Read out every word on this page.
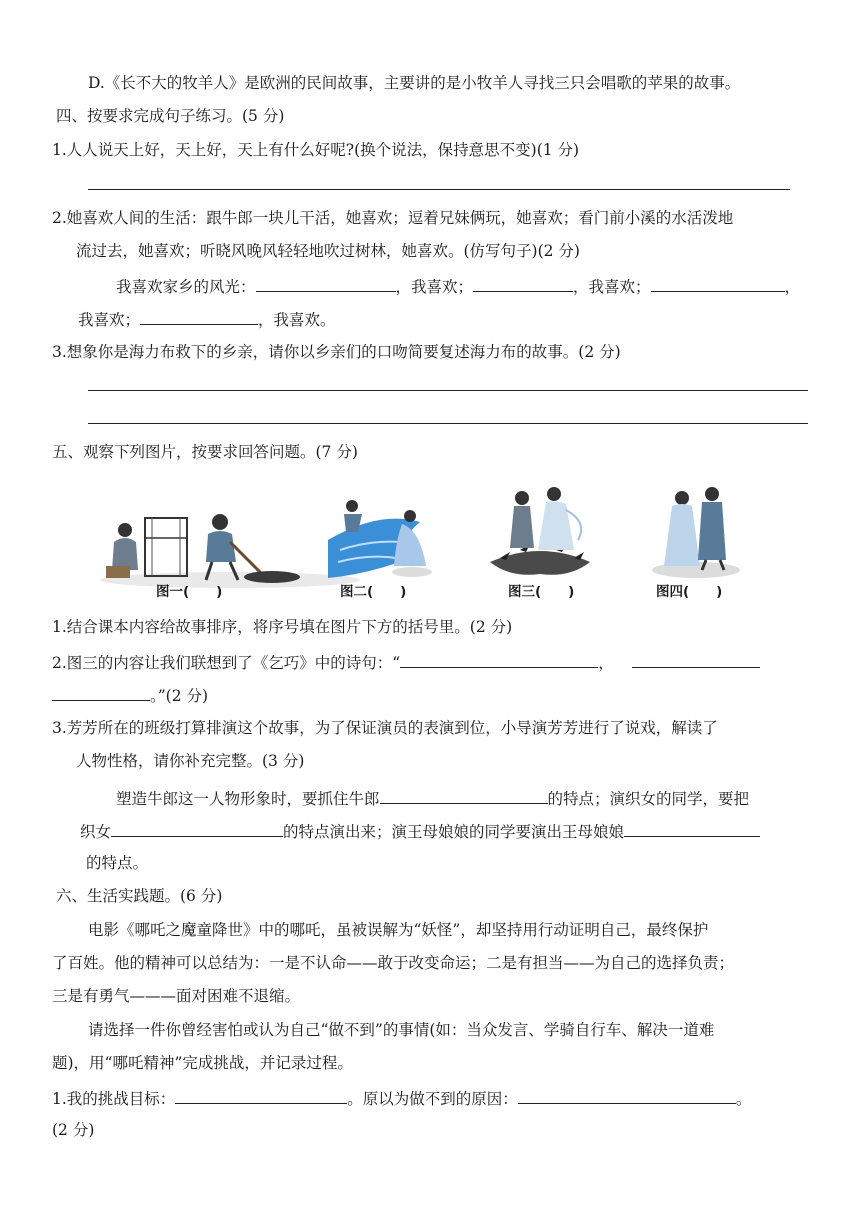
D.《长不大的牧羊人》是欧洲的民间故事，主要讲的是小牧羊人寻找三只会唱歌的苹果的故事。
四、按要求完成句子练习。(5 分)
1.人人说天上好，天上好，天上有什么好呢?(换个说法，保持意思不变)(1 分)
2.她喜欢人间的生活：跟牛郎一块儿干活，她喜欢；逗着兄妹俩玩，她喜欢；看门前小溪的水活泼地
流过去，她喜欢；听晓风晚风轻轻地吹过树林，她喜欢。(仿写句子)(2 分)
我喜欢家乡的风光：	，我喜欢；	，我喜欢；	，
我喜欢；	，我喜欢。
3.想象你是海力布救下的乡亲，请你以乡亲们的口吻简要复述海力布的故事。(2 分)
五、观察下列图片，按要求回答问题。(7 分)
图一(　　)	图二(　　)	图三(　　)	图四(　　)
1.结合课本内容给故事排序，将序号填在图片下方的括号里。(2 分)
2.图三的内容让我们联想到了《乞巧》中的诗句：“	，
。”(2 分)
3.芳芳所在的班级打算排演这个故事，为了保证演员的表演到位，小导演芳芳进行了说戏，解读了
人物性格，请你补充完整。(3 分)
塑造牛郎这一人物形象时，要抓住牛郎	的特点；演织女的同学，要把
织女	的特点演出来；演王母娘娘的同学要演出王母娘娘
的特点。
六、生活实践题。(6 分)
电影《哪吒之魔童降世》中的哪吒，虽被误解为“妖怪”，却坚持用行动证明自己，最终保护
了百姓。他的精神可以总结为：一是不认命——敢于改变命运；二是有担当——为自己的选择负责；
三是有勇气———面对困难不退缩。
请选择一件你曾经害怕或认为自己“做不到”的事情(如：当众发言、学骑自行车、解决一道难
题)，用“哪吒精神”完成挑战，并记录过程。
1.我的挑战目标：	。原以为做不到的原因：	。
(2 分)
